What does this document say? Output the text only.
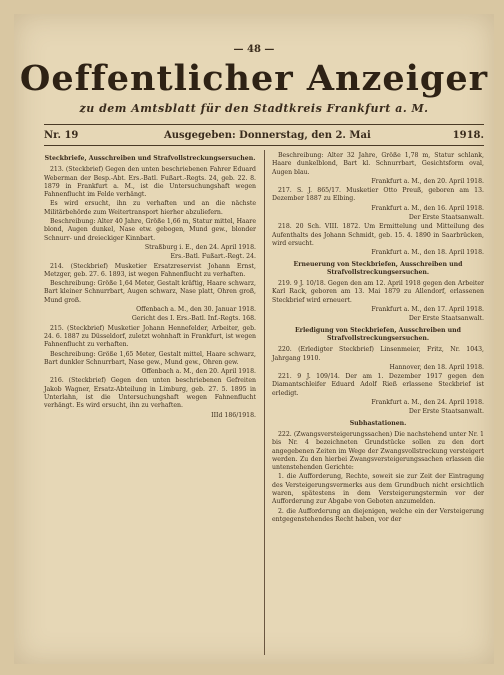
— 48 —
Oeffentlicher Anzeiger
zu dem Amtsblatt für den Stadtkreis Frankfurt a. M.
Nr. 19	Ausgegeben: Donnerstag, den 2. Mai	1918.

Steckbriefe, Ausschreiben und Strafvollstreckungsersuchen.

213. (Steckbrief) Gegen den unten beschriebenen Fahrer Eduard Weberman der Besp.-Abt. Ers.-Batl. Fußart.-Regts. 24, geb. 22. 8. 1879 in Frankfurt a. M., ist die Untersuchungshaft wegen Fahnenflucht im Felde verhängt.

Es wird ersucht, ihn zu verhaften und an die nächste Militärbehörde zum Weitertransport hierher abzuliefern.

Beschreibung: Alter 40 Jahre, Größe 1,66 m, Statur mittel, Haare blond, Augen dunkel, Nase etw. gebogen, Mund gew., blonder Schnurr- und dreieckiger Kinnbart.

Straßburg i. E., den 24. April 1918.

Ers.-Batl. Fußart.-Regt. 24.

214. (Steckbrief) Musketier Ersatzreservist Johann Ernst, Metzger, geb. 27. 6. 1893, ist wegen Fahnenflucht zu verhaften.

Beschreibung: Größe 1,64 Meter, Gestalt kräftig, Haare schwarz, Bart kleiner Schnurrbart, Augen schwarz, Nase platt, Ohren groß, Mund groß.

Offenbach a. M., den 30. Januar 1918.

Gericht des I. Ers.-Batl. Inf.-Regts. 168.

215. (Steckbrief) Musketier Johann Hennefelder, Arbeiter, geb. 24. 6. 1887 zu Düsseldorf, zuletzt wohnhaft in Frankfurt, ist wegen Fahnenflucht zu verhaften.

Beschreibung: Größe 1,65 Meter, Gestalt mittel, Haare schwarz, Bart dunkler Schnurrbart, Nase gew., Mund gew., Ohren gew.

Offenbach a. M., den 20. April 1918.

216. (Steckbrief) Gegen den unten beschriebenen Gefreiten Jakob Wagner, Ersatz-Abteilung in Limburg, geb. 27. 5. 1895 in Unterlahn, ist die Untersuchungshaft wegen Fahnenflucht verhängt. Es wird ersucht, ihn zu verhaften.

IIId 186/1918.

Beschreibung: Alter 32 Jahre, Größe 1,78 m, Statur schlank, Haare dunkelblond, Bart kl. Schnurrbart, Gesichtsform oval, Augen blau.

Frankfurt a. M., den 20. April 1918.

217. S. J. 865/17. Musketier Otto Preuß, geboren am 13. Dezember 1887 zu Elbing.

Frankfurt a. M., den 16. April 1918.

Der Erste Staatsanwalt.

218. 20 Sch. VIII. 1872. Um Ermittelung und Mitteilung des Aufenthalts des Johann Schmidt, geb. 15. 4. 1890 in Saarbrücken, wird ersucht.

Frankfurt a. M., den 18. April 1918.

Erneuerung von Steckbriefen, Ausschreiben und Strafvollstreckungsersuchen.

219. 9 J. 10/18. Gegen den am 12. April 1918 gegen den Arbeiter Karl Rack, geboren am 13. Mai 1879 zu Allendorf, erlassenen Steckbrief wird erneuert.

Frankfurt a. M., den 17. April 1918.

Der Erste Staatsanwalt.

Erledigung von Steckbriefen, Ausschreiben und Strafvollstreckungsersuchen.

220. (Erledigter Steckbrief) Linsenmeier, Fritz, Nr. 1043, Jahrgang 1910.

Hannover, den 18. April 1918.

221. 9 J. 109/14. Der am 1. Dezember 1917 gegen den Diamantschleifer Eduard Adolf Rieß erlassene Steckbrief ist erledigt.

Frankfurt a. M., den 24. April 1918.

Der Erste Staatsanwalt.

Subhastationen.

222. (Zwangsversteigerungssachen) Die nachstehend unter Nr. 1 bis Nr. 4 bezeichneten Grundstücke sollen zu den dort angegebenen Zeiten im Wege der Zwangsvollstreckung versteigert werden. Zu den hierbei Zwangsversteigerungssachen erlassen die untenstehenden Gerichte:

1. die Aufforderung, Rechte, soweit sie zur Zeit der Eintragung des Versteigerungsvermerks aus dem Grundbuch nicht ersichtlich waren, spätestens in dem Versteigerungstermin vor der Aufforderung zur Abgabe von Geboten anzumelden.

2. die Aufforderung an diejenigen, welche ein der Versteigerung entgegenstehendes Recht haben, vor der
